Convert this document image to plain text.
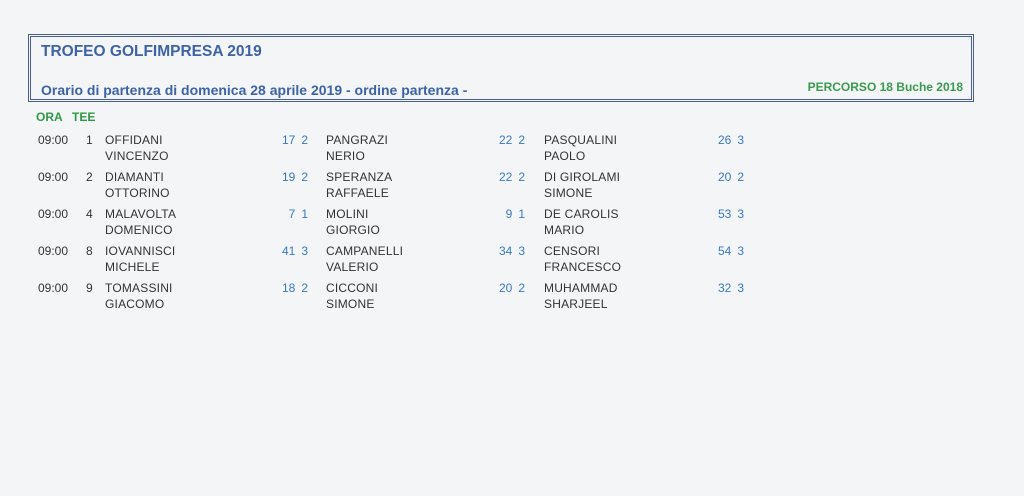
TROFEO GOLFIMPRESA 2019
Orario di partenza di domenica 28 aprile 2019 - ordine partenza -	PERCORSO 18 Buche 2018
ORA TEE
09:00 1 OFFIDANI
VINCENZO
17 2 PANGRAZI
NERIO
22 2 PASQUALINI
PAOLO
26 3
09:00 2 DIAMANTI
OTTORINO
19 2 SPERANZA
RAFFAELE
22 2 DI GIROLAMI
SIMONE
20 2
09:00 4 MALAVOLTA
DOMENICO
7 1 MOLINI
GIORGIO
9 1 DE CAROLIS
MARIO
53 3
09:00 8 IOVANNISCI
MICHELE
41 3 CAMPANELLI
VALERIO
34 3 CENSORI
FRANCESCO
54 3
09:00 9 TOMASSINI
GIACOMO
18 2 CICCONI
SIMONE
20 2 MUHAMMAD
SHARJEEL
32 3
